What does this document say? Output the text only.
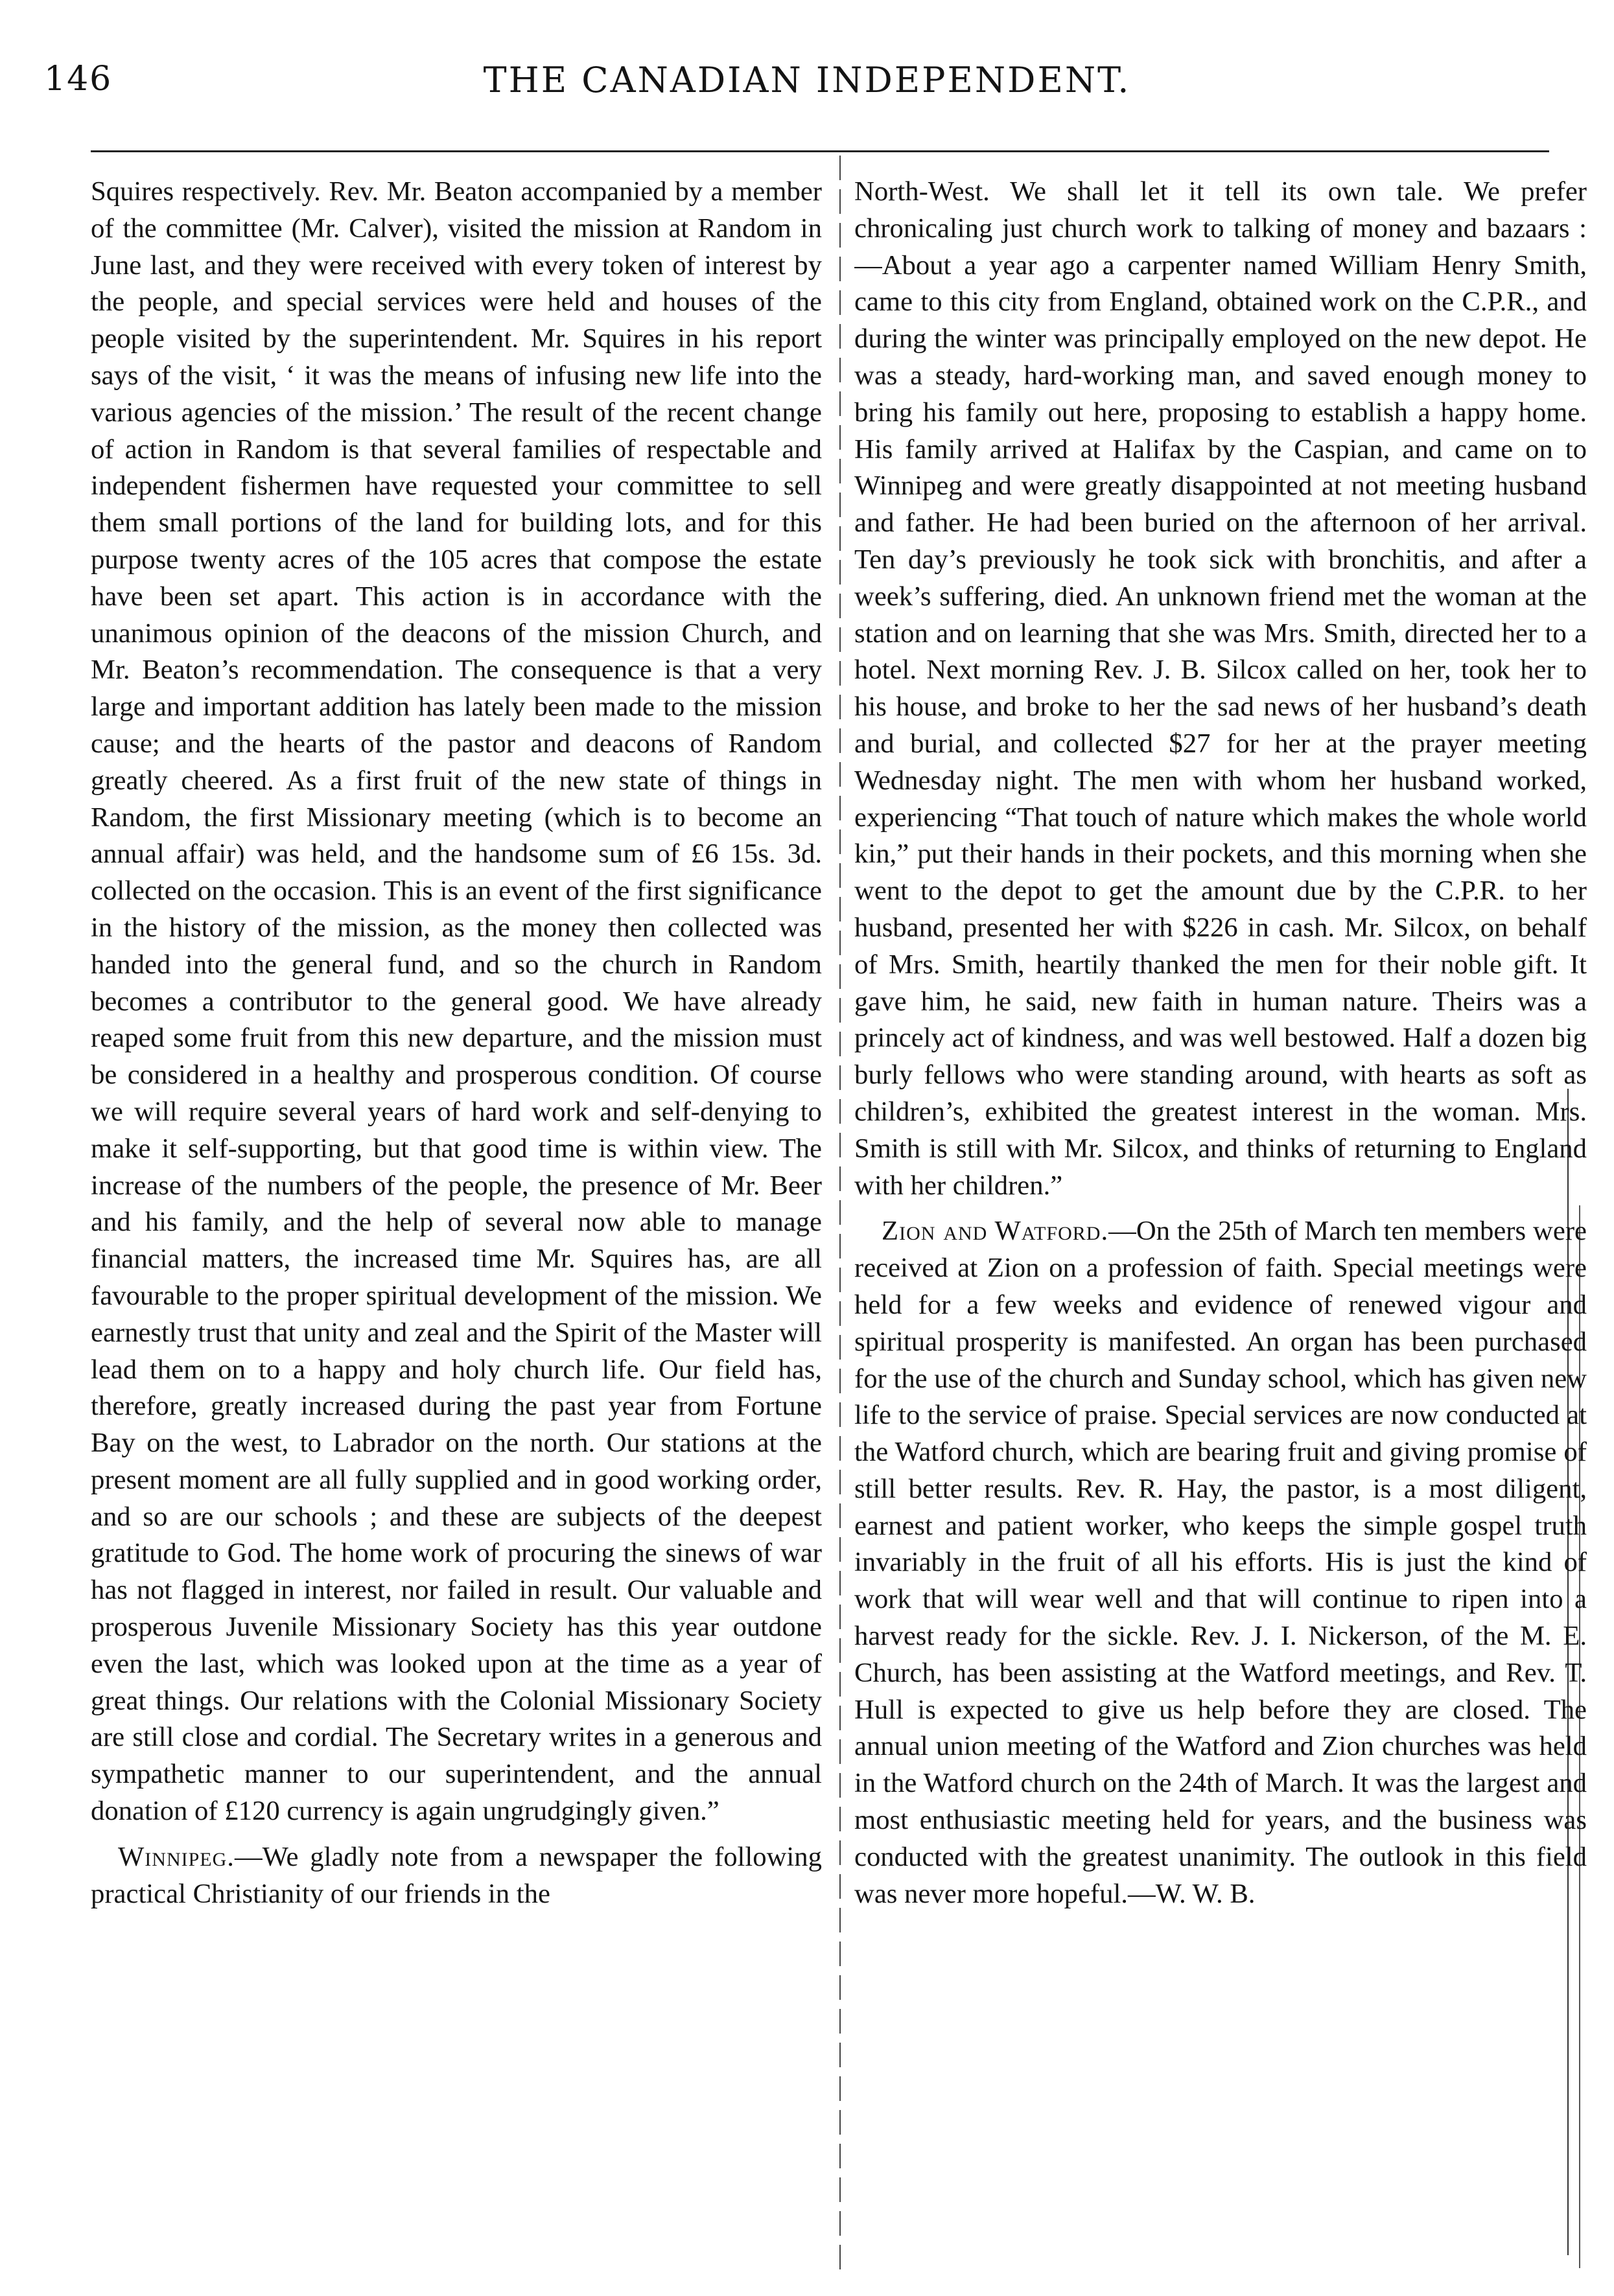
146	THE CANADIAN INDEPENDENT.

Squires respectively. Rev. Mr. Beaton accompanied by a member of the committee (Mr. Calver), visited the mission at Random in June last, and they were received with every token of interest by the people, and special services were held and houses of the people visited by the superintendent. Mr. Squires in his report says of the visit, ‘ it was the means of infusing new life into the various agencies of the mission.’ The result of the recent change of action in Random is that several families of respectable and independent fishermen have requested your committee to sell them small portions of the land for building lots, and for this purpose twenty acres of the 105 acres that compose the estate have been set apart. This action is in accordance with the unanimous opinion of the deacons of the mission Church, and Mr. Beaton’s recommendation. The consequence is that a very large and important addition has lately been made to the mission cause; and the hearts of the pastor and deacons of Random greatly cheered. As a first fruit of the new state of things in Random, the first Missionary meeting (which is to become an annual affair) was held, and the handsome sum of £6 15s. 3d. collected on the occasion. This is an event of the first significance in the history of the mission, as the money then collected was handed into the general fund, and so the church in Random becomes a contributor to the general good. We have already reaped some fruit from this new departure, and the mission must be considered in a healthy and prosperous condition. Of course we will require several years of hard work and self-denying to make it self-supporting, but that good time is within view. The increase of the numbers of the people, the presence of Mr. Beer and his family, and the help of several now able to manage financial matters, the increased time Mr. Squires has, are all favourable to the proper spiritual development of the mission. We earnestly trust that unity and zeal and the Spirit of the Master will lead them on to a happy and holy church life. Our field has, therefore, greatly increased during the past year from Fortune Bay on the west, to Labrador on the north. Our stations at the present moment are all fully supplied and in good working order, and so are our schools ; and these are subjects of the deepest gratitude to God. The home work of procuring the sinews of war has not flagged in interest, nor failed in result. Our valuable and prosperous Juvenile Missionary Society has this year outdone even the last, which was looked upon at the time as a year of great things. Our relations with the Colonial Missionary Society are still close and cordial. The Secretary writes in a generous and sympathetic manner to our superintendent, and the annual donation of £120 currency is again ungrudgingly given.”

Winnipeg.—We gladly note from a newspaper the following practical Christianity of our friends in the

North-West. We shall let it tell its own tale. We prefer chronicaling just church work to talking of money and bazaars :—About a year ago a carpenter named William Henry Smith, came to this city from England, obtained work on the C.P.R., and during the winter was principally employed on the new depot. He was a steady, hard-working man, and saved enough money to bring his family out here, proposing to establish a happy home. His family arrived at Halifax by the Caspian, and came on to Winnipeg and were greatly disappointed at not meeting husband and father. He had been buried on the afternoon of her arrival. Ten day’s previously he took sick with bronchitis, and after a week’s suffering, died. An unknown friend met the woman at the station and on learning that she was Mrs. Smith, directed her to a hotel. Next morning Rev. J. B. Silcox called on her, took her to his house, and broke to her the sad news of her husband’s death and burial, and collected $27 for her at the prayer meeting Wednesday night. The men with whom her husband worked, experiencing “That touch of nature which makes the whole world kin,” put their hands in their pockets, and this morning when she went to the depot to get the amount due by the C.P.R. to her husband, presented her with $226 in cash. Mr. Silcox, on behalf of Mrs. Smith, heartily thanked the men for their noble gift. It gave him, he said, new faith in human nature. Theirs was a princely act of kindness, and was well bestowed. Half a dozen big burly fellows who were standing around, with hearts as soft as children’s, exhibited the greatest interest in the woman. Mrs. Smith is still with Mr. Silcox, and thinks of returning to England with her children.”

Zion and Watford.—On the 25th of March ten members were received at Zion on a profession of faith. Special meetings were held for a few weeks and evidence of renewed vigour and spiritual prosperity is manifested. An organ has been purchased for the use of the church and Sunday school, which has given new life to the service of praise. Special services are now conducted at the Watford church, which are bearing fruit and giving promise of still better results. Rev. R. Hay, the pastor, is a most diligent, earnest and patient worker, who keeps the simple gospel truth invariably in the fruit of all his efforts. His is just the kind of work that will wear well and that will continue to ripen into a harvest ready for the sickle. Rev. J. I. Nickerson, of the M. E. Church, has been assisting at the Watford meetings, and Rev. T. Hull is expected to give us help before they are closed. The annual union meeting of the Watford and Zion churches was held in the Watford church on the 24th of March. It was the largest and most enthusiastic meeting held for years, and the business was conducted with the greatest unanimity. The outlook in this field was never more hopeful.—W. W. B.
